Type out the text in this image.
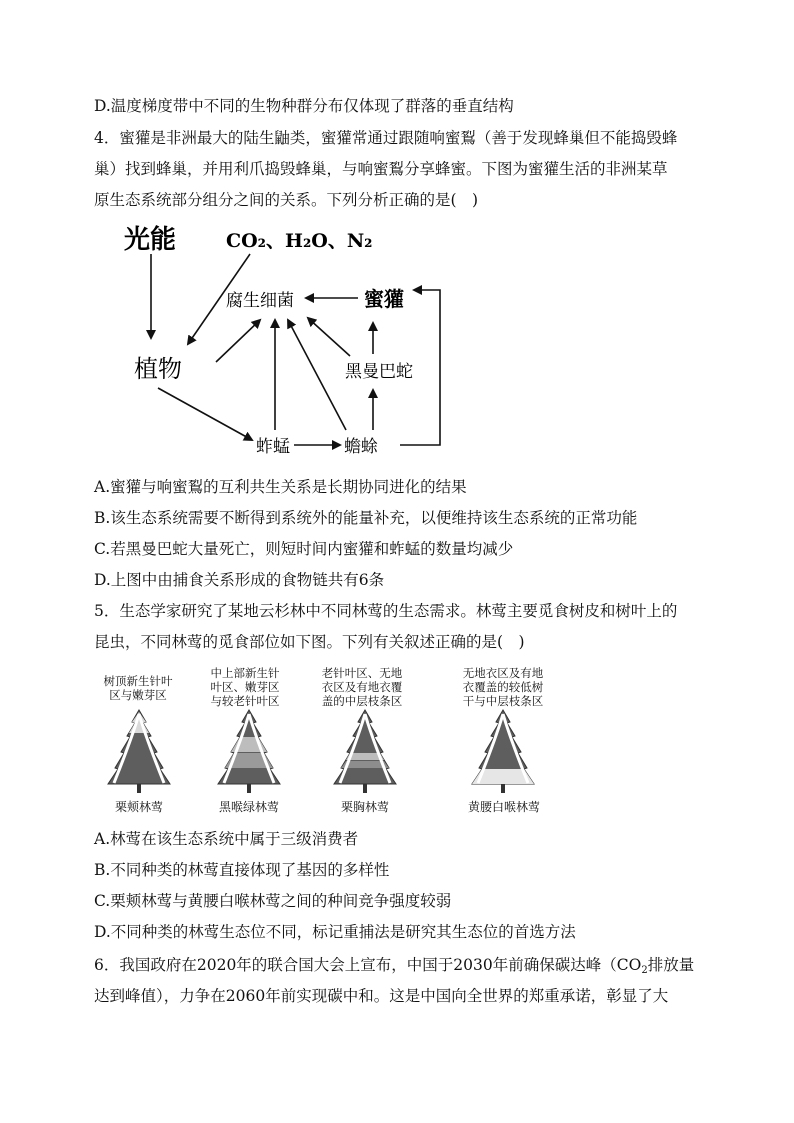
D.温度梯度带中不同的生物种群分布仅体现了群落的垂直结构
4．蜜獾是非洲最大的陆生鼬类，蜜獾常通过跟随响蜜鴷（善于发现蜂巢但不能捣毁蜂
巢）找到蜂巢，并用利爪捣毁蜂巢，与响蜜鴷分享蜂蜜。下图为蜜獾生活的非洲某草
原生态系统部分组分之间的关系。下列分析正确的是(　)
光能	CO₂、H₂O、N₂
腐生细菌	蜜獾
植物	黑曼巴蛇
蚱蜢	蟾蜍
A.蜜獾与响蜜鴷的互利共生关系是长期协同进化的结果
B.该生态系统需要不断得到系统外的能量补充，以便维持该生态系统的正常功能
C.若黑曼巴蛇大量死亡，则短时间内蜜獾和蚱蜢的数量均减少
D.上图中由捕食关系形成的食物链共有6条
5．生态学家研究了某地云杉林中不同林莺的生态需求。林莺主要觅食树皮和树叶上的
昆虫，不同林莺的觅食部位如下图。下列有关叙述正确的是(　)
树顶新生针叶
区与嫩芽区
中上部新生针
叶区、嫩芽区
与较老针叶区
老针叶区、无地
衣区及有地衣覆
盖的中层枝条区
无地衣区及有地
衣覆盖的较低树
干与中层枝条区
栗颊林莺	黑喉绿林莺	栗胸林莺	黄腰白喉林莺
A.林莺在该生态系统中属于三级消费者
B.不同种类的林莺直接体现了基因的多样性
C.栗颊林莺与黄腰白喉林莺之间的种间竞争强度较弱
D.不同种类的林莺生态位不同，标记重捕法是研究其生态位的首选方法
6．我国政府在2020年的联合国大会上宣布，中国于2030年前确保碳达峰（$CO_2$排放量
达到峰值），力争在2060年前实现碳中和。这是中国向全世界的郑重承诺，彰显了大
